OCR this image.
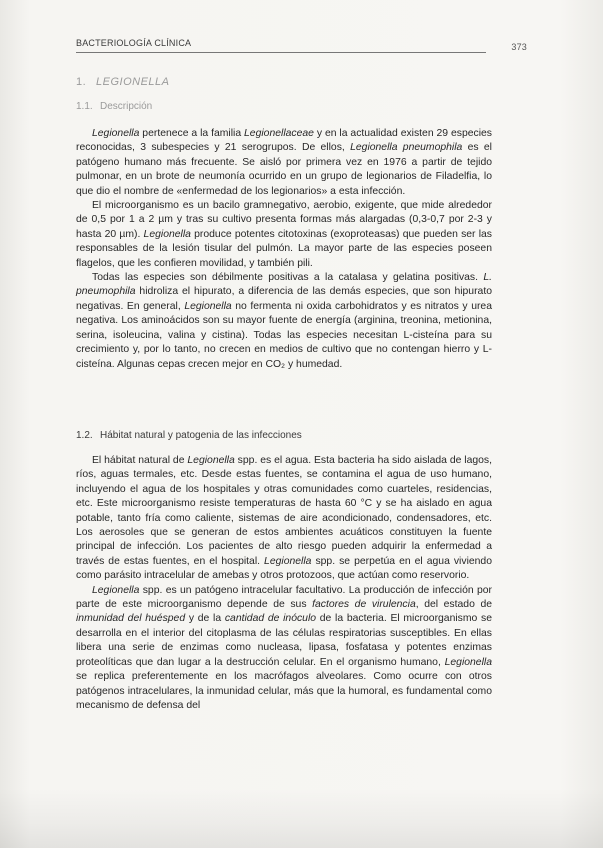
BACTERIOLOGÍA CLÍNICA	373
1. LEGIONELLA
1.1. Descripción

Legionella pertenece a la familia Legionellaceae y en la actualidad existen 29 especies reconocidas, 3 subespecies y 21 serogrupos. De ellos, Legionella pneumophila es el patógeno humano más frecuente. Se aisló por primera vez en 1976 a partir de tejido pulmonar, en un brote de neumonía ocurrido en un grupo de legionarios de Filadelfia, lo que dio el nombre de «enfermedad de los legionarios» a esta infección.

El microorganismo es un bacilo gramnegativo, aerobio, exigente, que mide alrededor de 0,5 por 1 a 2 µm y tras su cultivo presenta formas más alargadas (0,3-0,7 por 2-3 y hasta 20 µm). Legionella produce potentes citotoxinas (exoproteasas) que pueden ser las responsables de la lesión tisular del pulmón. La mayor parte de las especies poseen flagelos, que les confieren movilidad, y también pili.

Todas las especies son débilmente positivas a la catalasa y gelatina positivas. L. pneumophila hidroliza el hipurato, a diferencia de las demás especies, que son hipurato negativas. En general, Legionella no fermenta ni oxida carbohidratos y es nitratos y urea negativa. Los aminoácidos son su mayor fuente de energía (arginina, treonina, metionina, serina, isoleucina, valina y cistina). Todas las especies necesitan L-cisteína para su crecimiento y, por lo tanto, no crecen en medios de cultivo que no contengan hierro y L-cisteína. Algunas cepas crecen mejor en CO₂ y humedad.

1.2. Hábitat natural y patogenia de las infecciones

El hábitat natural de Legionella spp. es el agua. Esta bacteria ha sido aislada de lagos, ríos, aguas termales, etc. Desde estas fuentes, se contamina el agua de uso humano, incluyendo el agua de los hospitales y otras comunidades como cuarteles, residencias, etc. Este microorganismo resiste temperaturas de hasta 60 °C y se ha aislado en agua potable, tanto fría como caliente, sistemas de aire acondicionado, condensadores, etc. Los aerosoles que se generan de estos ambientes acuáticos constituyen la fuente principal de infección. Los pacientes de alto riesgo pueden adquirir la enfermedad a través de estas fuentes, en el hospital. Legionella spp. se perpetúa en el agua viviendo como parásito intracelular de amebas y otros protozoos, que actúan como reservorio.

Legionella spp. es un patógeno intracelular facultativo. La producción de infección por parte de este microorganismo depende de sus factores de virulencia, del estado de inmunidad del huésped y de la cantidad de inóculo de la bacteria. El microorganismo se desarrolla en el interior del citoplasma de las células respiratorias susceptibles. En ellas libera una serie de enzimas como nucleasa, lipasa, fosfatasa y potentes enzimas proteolíticas que dan lugar a la destrucción celular. En el organismo humano, Legionella se replica preferentemente en los macrófagos alveolares. Como ocurre con otros patógenos intracelulares, la inmunidad celular, más que la humoral, es fundamental como mecanismo de defensa del
